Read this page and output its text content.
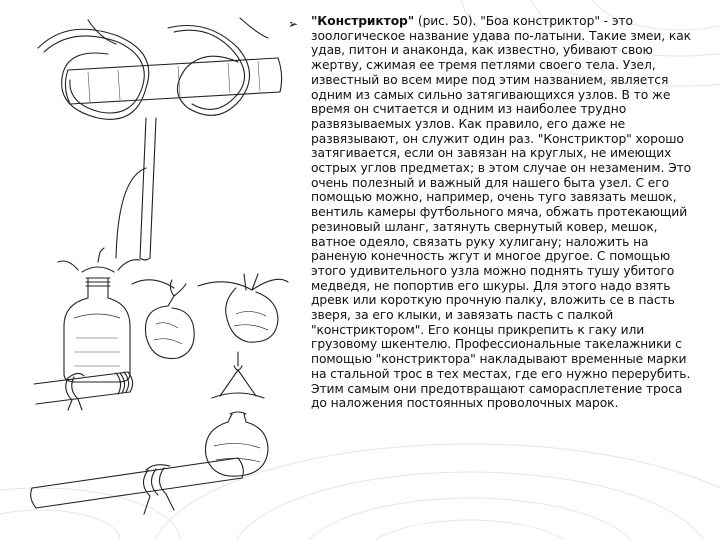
➢ "Констриктор" (рис. 50). "Боа констриктор" - это зоологическое название удава по-латыни. Такие змеи, как удав, питон и анаконда, как известно, убивают свою жертву, сжимая ее тремя петлями своего тела. Узел, известный во всем мире под этим названием, является одним из самых сильно затягивающихся узлов. В то же время он считается и одним из наиболее трудно развязываемых узлов. Как правило, его даже не развязывают, он служит один раз. "Констриктор" хорошо затягивается, если он завязан на круглых, не имеющих острых углов предметах; в этом случае он незаменим. Это очень полезный и важный для нашего быта узел. С его помощью можно, например, очень туго завязать мешок, вентиль камеры футбольного мяча, обжать протекающий резиновый шланг, затянуть свернутый ковер, мешок, ватное одеяло, связать руку хулигану; наложить на раненую конечность жгут и многое другое. С помощью этого удивительного узла можно поднять тушу убитого медведя, не попортив его шкуры. Для этого надо взять древк или короткую прочную палку, вложить се в пасть зверя, за его клыки, и завязать пасть с палкой "констриктором". Его концы прикрепить к гаку или грузовому шкентелю. Профессиональные такелажники с помощью "констриктора" накладывают временные марки на стальной трос в тех местах, где его нужно перерубить. Этим самым они предотвращают саморасплетение троса до наложения постоянных проволочных марок.
